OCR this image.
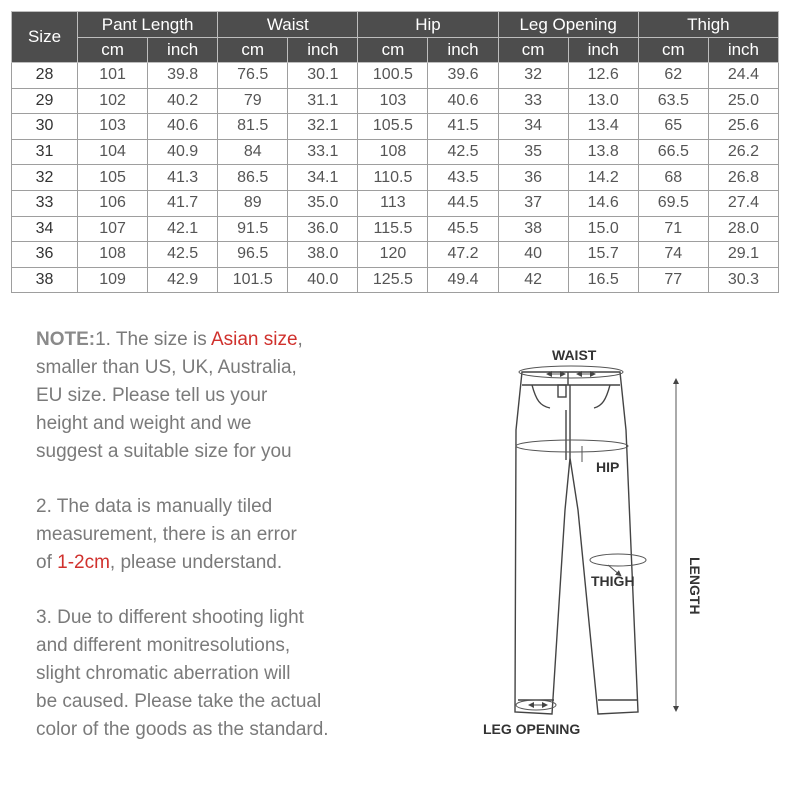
Size	Pant Length		Waist		Hip		Leg Opening		Thigh	
	cm	inch	cm	inch	cm	inch	cm	inch	cm	inch
28	101	39.8	76.5	30.1	100.5	39.6	32	12.6	62	24.4
29	102	40.2	79	31.1	103	40.6	33	13.0	63.5	25.0
30	103	40.6	81.5	32.1	105.5	41.5	34	13.4	65	25.6
31	104	40.9	84	33.1	108	42.5	35	13.8	66.5	26.2
32	105	41.3	86.5	34.1	110.5	43.5	36	14.2	68	26.8
33	106	41.7	89	35.0	113	44.5	37	14.6	69.5	27.4
34	107	42.1	91.5	36.0	115.5	45.5	38	15.0	71	28.0
36	108	42.5	96.5	38.0	120	47.2	40	15.7	74	29.1
38	109	42.9	101.5	40.0	125.5	49.4	42	16.5	77	30.3

NOTE:1. The size is Asian size,
smaller than US, UK, Australia,
EU size. Please tell us your
height and weight and we
suggest a suitable size for you

2. The data is manually tiled
measurement, there is an error
of 1-2cm, please understand.

3. Due to different shooting light
and different monitresolutions,
slight chromatic aberration will
be caused. Please take the actual
color of the goods as the standard.

WAIST
HIP
THIGH	LENGTH
LEG OPENING
